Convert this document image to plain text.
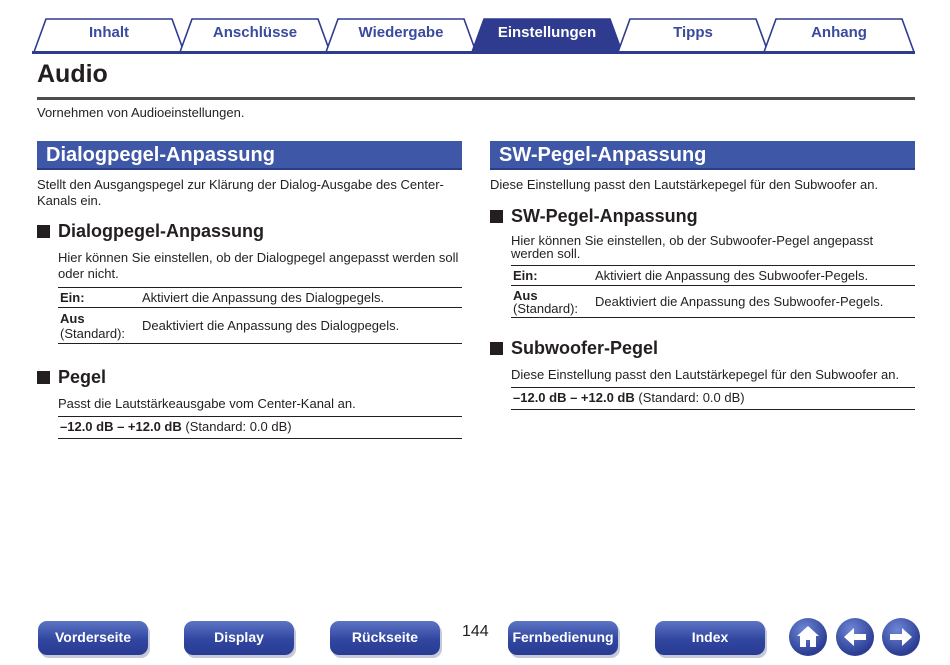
Inhalt	Anschlüsse	Wiedergabe	Einstellungen	Tipps	Anhang
Audio
Vornehmen von Audioeinstellungen.
Dialogpegel-Anpassung
Stellt den Ausgangspegel zur Klärung der Dialog-Ausgabe des Center-Kanals ein.
Dialogpegel-Anpassung
Hier können Sie einstellen, ob der Dialogpegel angepasst werden soll oder nicht.
Ein:	Aktiviert die Anpassung des Dialogpegels.
Aus
(Standard):	Deaktiviert die Anpassung des Dialogpegels.
Pegel
Passt die Lautstärkeausgabe vom Center-Kanal an.
–12.0 dB – +12.0 dB (Standard: 0.0 dB)
SW-Pegel-Anpassung
Diese Einstellung passt den Lautstärkepegel für den Subwoofer an.
SW-Pegel-Anpassung
Hier können Sie einstellen, ob der Subwoofer-Pegel angepasst werden soll.
Ein:	Aktiviert die Anpassung des Subwoofer-Pegels.
Aus
(Standard):	Deaktiviert die Anpassung des Subwoofer-Pegels.
Subwoofer-Pegel
Diese Einstellung passt den Lautstärkepegel für den Subwoofer an.
–12.0 dB – +12.0 dB (Standard: 0.0 dB)
Vorderseite	Display	Rückseite	144	Fernbedienung	Index
